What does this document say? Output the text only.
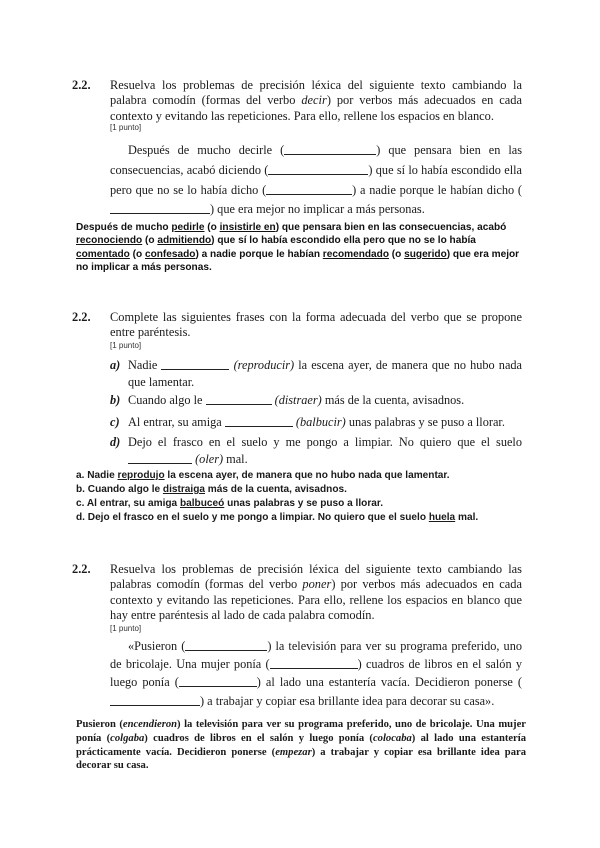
2.2. Resuelva los problemas de precisión léxica del siguiente texto cambiando la palabra comodín (formas del verbo decir) por verbos más adecuados en cada contexto y evitando las repeticiones. Para ello, rellene los espacios en blanco.
[1 punto]
Después de mucho decirle (	) que pensara bien en las consecuencias, acabó diciendo (	) que sí lo había escondido ella pero que no se lo había dicho (	) a nadie porque le habían dicho () que era mejor no implicar a más personas.
Después de mucho pedirle (o insistirle en) que pensara bien en las consecuencias, acabó reconociendo (o admitiendo) que sí lo había escondido ella pero que no se lo había comentado (o confesado) a nadie porque le habían recomendado (o sugerido) que era mejor no implicar a más personas.
2.2. Complete las siguientes frases con la forma adecuada del verbo que se propone entre paréntesis.
[1 punto]
a) Nadie	(reproducir) la escena ayer, de manera que no hubo nada que lamentar.
b) Cuando algo le	(distraer) más de la cuenta, avisadnos.
c) Al entrar, su amiga	(balbucir) unas palabras y se puso a llorar.
d) Dejo el frasco en el suelo y me pongo a limpiar. No quiero que el suelo  (oler) mal.
a. Nadie reprodujo la escena ayer, de manera que no hubo nada que lamentar.
b. Cuando algo le distraiga más de la cuenta, avisadnos.
c. Al entrar, su amiga balbuceó unas palabras y se puso a llorar.
d. Dejo el frasco en el suelo y me pongo a limpiar. No quiero que el suelo huela mal.
2.2. Resuelva los problemas de precisión léxica del siguiente texto cambiando las palabras comodín (formas del verbo poner) por verbos más adecuados en cada contexto y evitando las repeticiones. Para ello, rellene los espacios en blanco que hay entre paréntesis al lado de cada palabra comodín.
[1 punto]
«Pusieron (	) la televisión para ver su programa preferido, uno de bricolaje. Una mujer ponía (	) cuadros de libros en el salón y luego ponía (	) al lado una estantería vacía. Decidieron ponerse () a trabajar y copiar esa brillante idea para decorar su casa».
Pusieron (encendieron) la televisión para ver su programa preferido, uno de bricolaje. Una mujer ponía (colgaba) cuadros de libros en el salón y luego ponía (colocaba) al lado una estantería prácticamente vacía. Decidieron ponerse (empezar) a trabajar y copiar esa brillante idea para decorar su casa.
